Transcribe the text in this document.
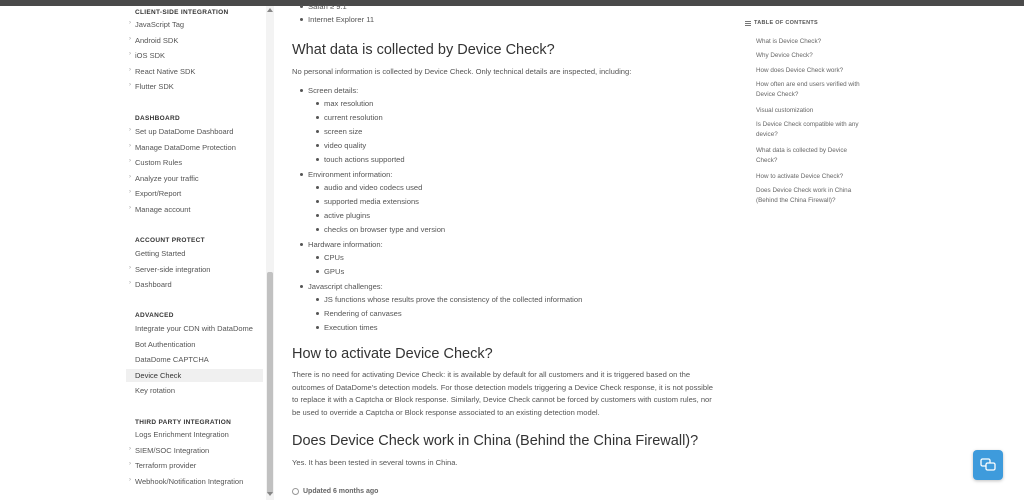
CLIENT-SIDE INTEGRATION
› JavaScript Tag
› Android SDK
› iOS SDK
› React Native SDK
› Flutter SDK
DASHBOARD
› Set up DataDome Dashboard
› Manage DataDome Protection
› Custom Rules
› Analyze your traffic
› Export/Report
› Manage account
ACCOUNT PROTECT
Getting Started
› Server-side integration
› Dashboard
ADVANCED
Integrate your CDN with DataDome
Bot Authentication
DataDome CAPTCHA
Device Check
Key rotation
THIRD PARTY INTEGRATION
Logs Enrichment Integration
› SIEM/SOC Integration
› Terraform provider
› Webhook/Notification Integration
Safari ≥ 9.1
Internet Explorer 11
What data is collected by Device Check?

No personal information is collected by Device Check. Only technical details are inspected, including:

Screen details:
max resolution
current resolution
screen size
video quality
touch actions supported
Environment information:
audio and video codecs used
supported media extensions
active plugins
checks on browser type and version
Hardware information:
CPUs
GPUs
Javascript challenges:
JS functions whose results prove the consistency of the collected information
Rendering of canvases
Execution times
How to activate Device Check?

There is no need for activating Device Check: it is available by default for all customers and it is triggered based on the outcomes of DataDome's detection models. For those detection models triggering a Device Check response, it is not possible to replace it with a Captcha or Block response. Similarly, Device Check cannot be forced by customers with custom rules, nor be used to override a Captcha or Block response associated to an existing detection model.

Does Device Check work in China (Behind the China Firewall)?

Yes. It has been tested in several towns in China.

Updated 6 months ago
TABLE OF CONTENTS
What is Device Check?
Why Device Check?
How does Device Check work?
How often are end users verified with Device Check?
Visual customization
Is Device Check compatible with any device?
What data is collected by Device Check?
How to activate Device Check?
Does Device Check work in China (Behind the China Firewall)?
